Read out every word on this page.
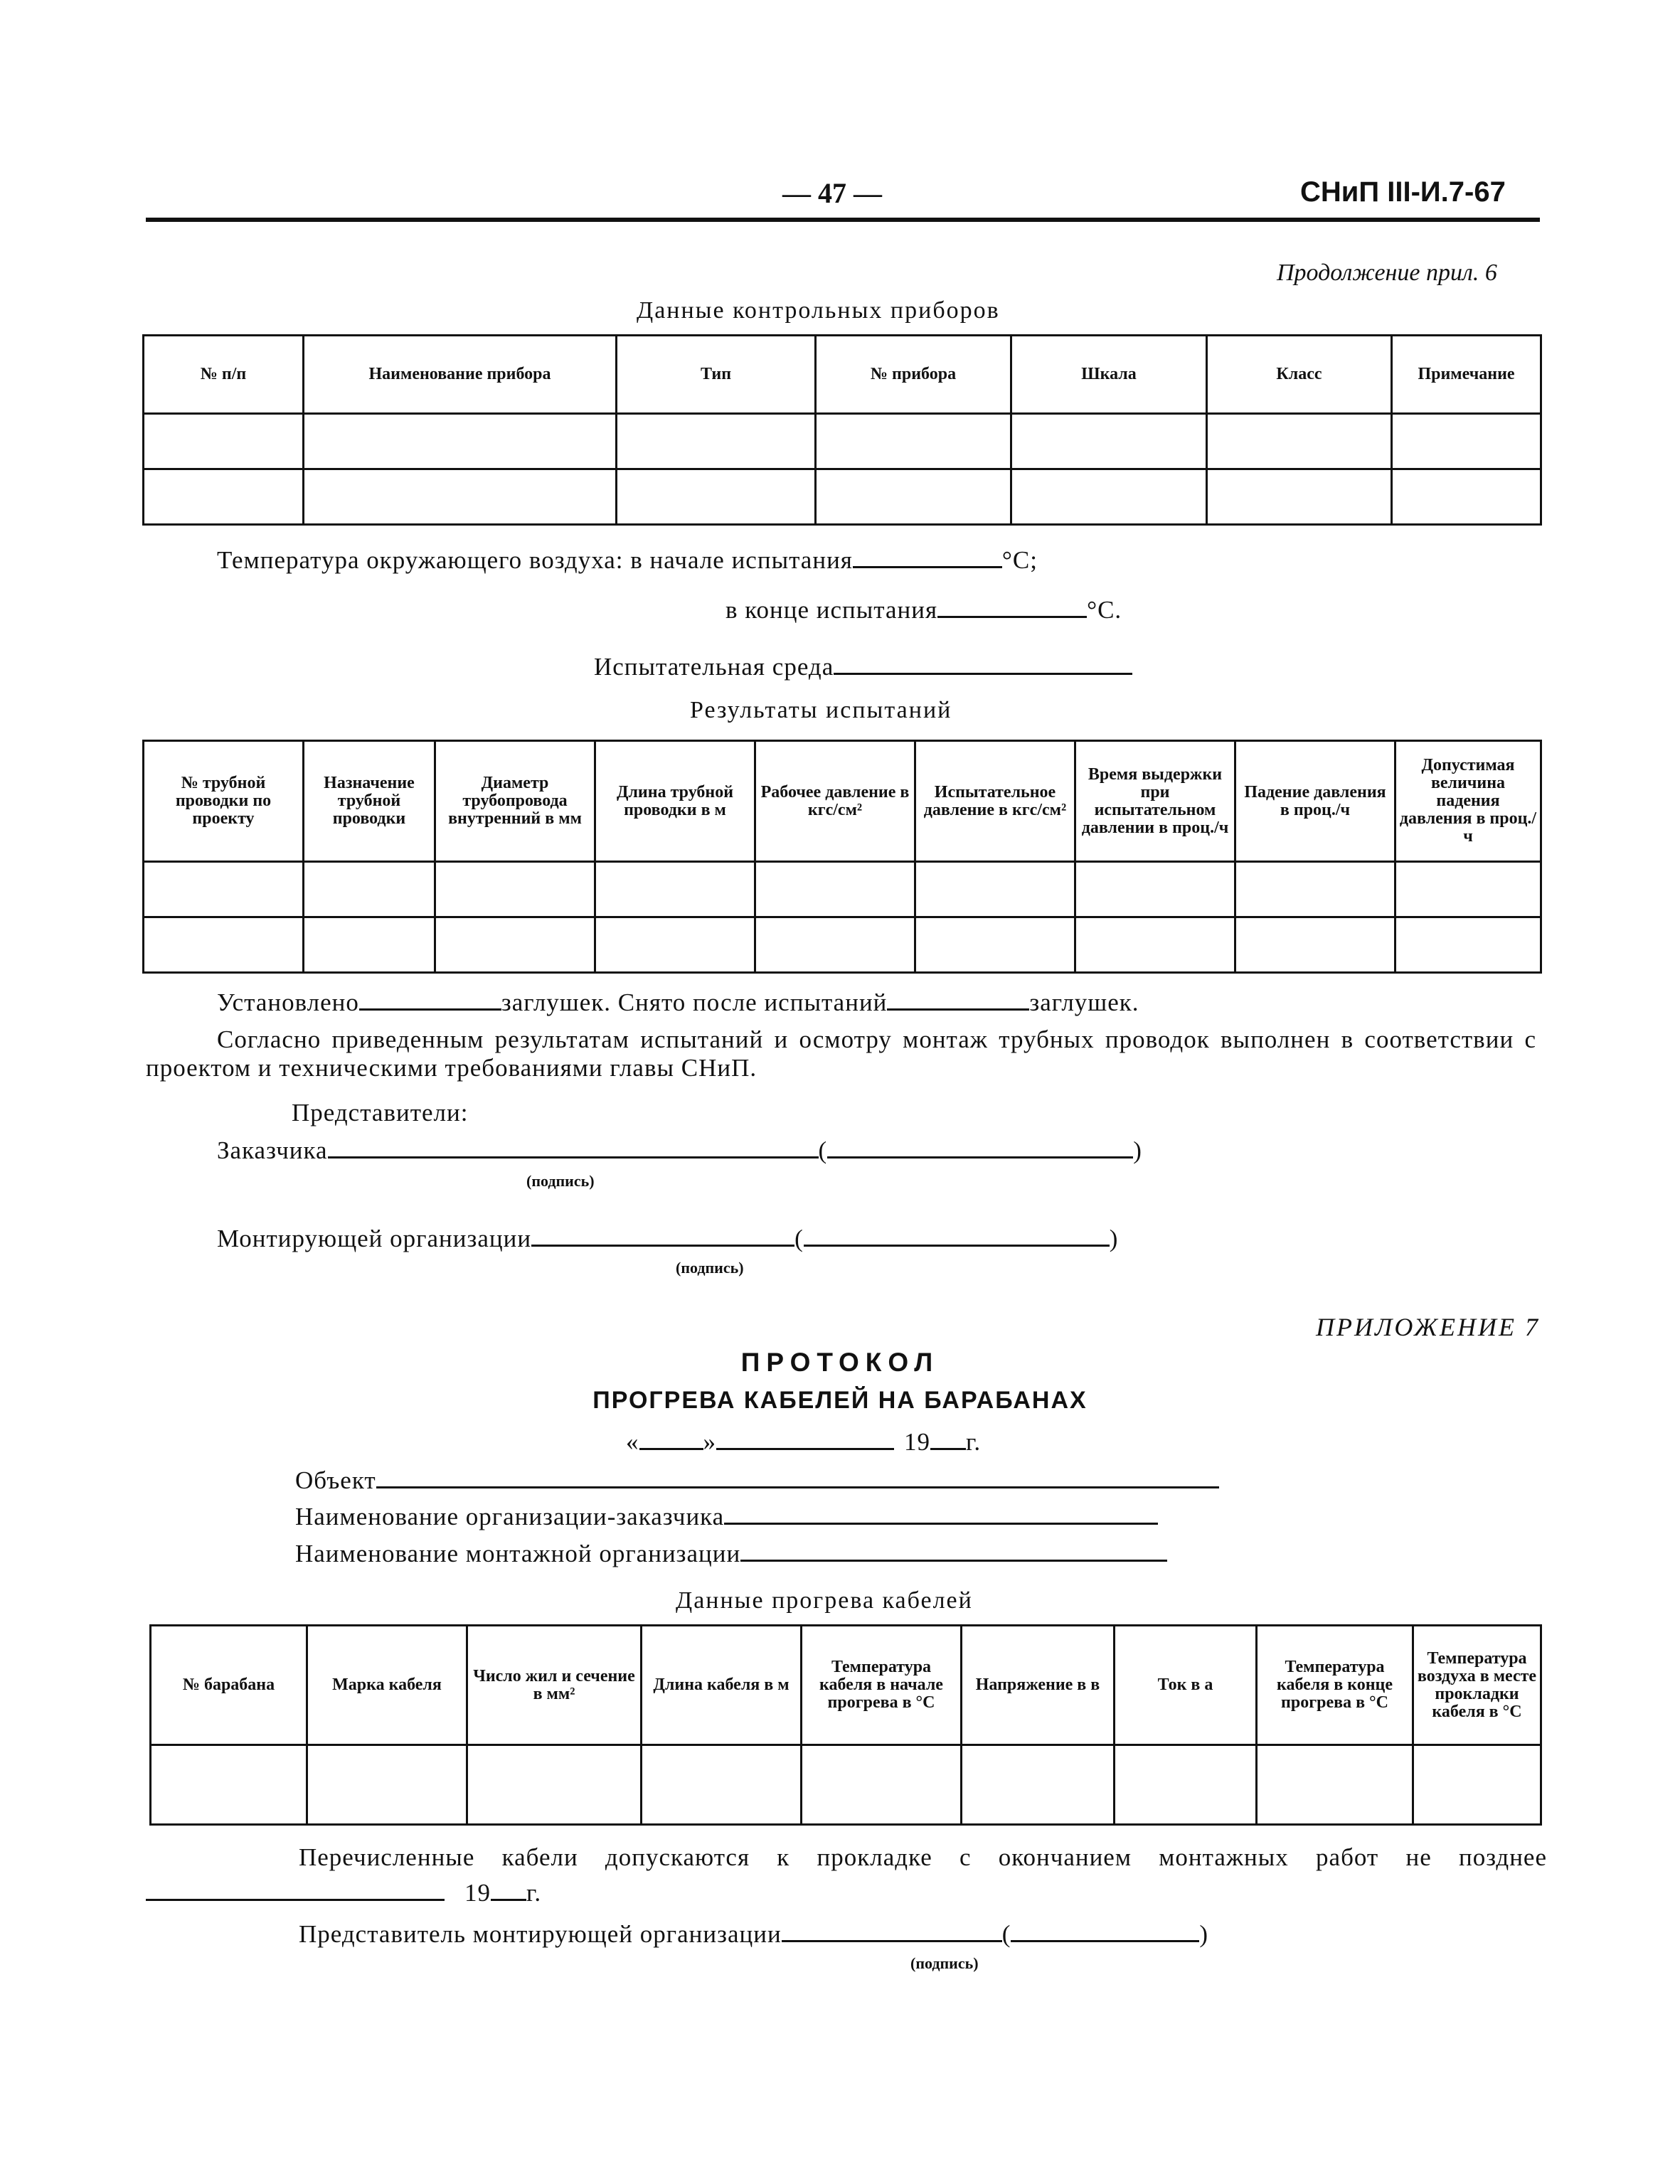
— 47 —	СНиП III-И.7-67
Продолжение прил. 6
Данные контрольных приборов
№ п/п	Наименование прибора	Тип	№ прибора	Шкала	Класс	Примечание

Температура окружающего воздуха: в начале испытания	°С;
в конце испытания	°С.
Испытательная среда
Результаты испытаний
№ трубной проводки по проекту	Назначение трубной проводки	Диаметр трубопровода внутренний в мм	Длина трубной проводки в м	Рабочее давление в кгс/см²	Испытательное давление в кгс/см²	Время выдержки при испытательном давлении в проц./ч	Падение давления в проц./ч	Допустимая величина падения давления в проц./ч

Установлено	заглушек. Снято после испытаний	заглушек.
Согласно приведенным результатам испытаний и осмотру монтаж трубных проводок выполнен в соответствии с проектом и техническими требованиями главы СНиП.
Представители:
Заказчика	(	)
(подпись)
Монтирующей организации	(	)
(подпись)
ПРИЛОЖЕНИЕ 7
ПРОТОКОЛ
ПРОГРЕВА КАБЕЛЕЙ НА БАРАБАНАХ
«	»	19 г.
Объект
Наименование организации-заказчика
Наименование монтажной организации
Данные прогрева кабелей
№ барабана	Марка кабеля	Число жил и сечение в мм²	Длина кабеля в м	Температура кабеля в начале прогрева в °С	Напряжение в в	Ток в а	Температура кабеля в конце прогрева в °С	Температура воздуха в месте прокладки кабеля в °С

Перечисленные кабели допускаются к прокладке с окончанием монтажных работ не позднее
19 г.
Представитель монтирующей организации	(	)
(подпись)
